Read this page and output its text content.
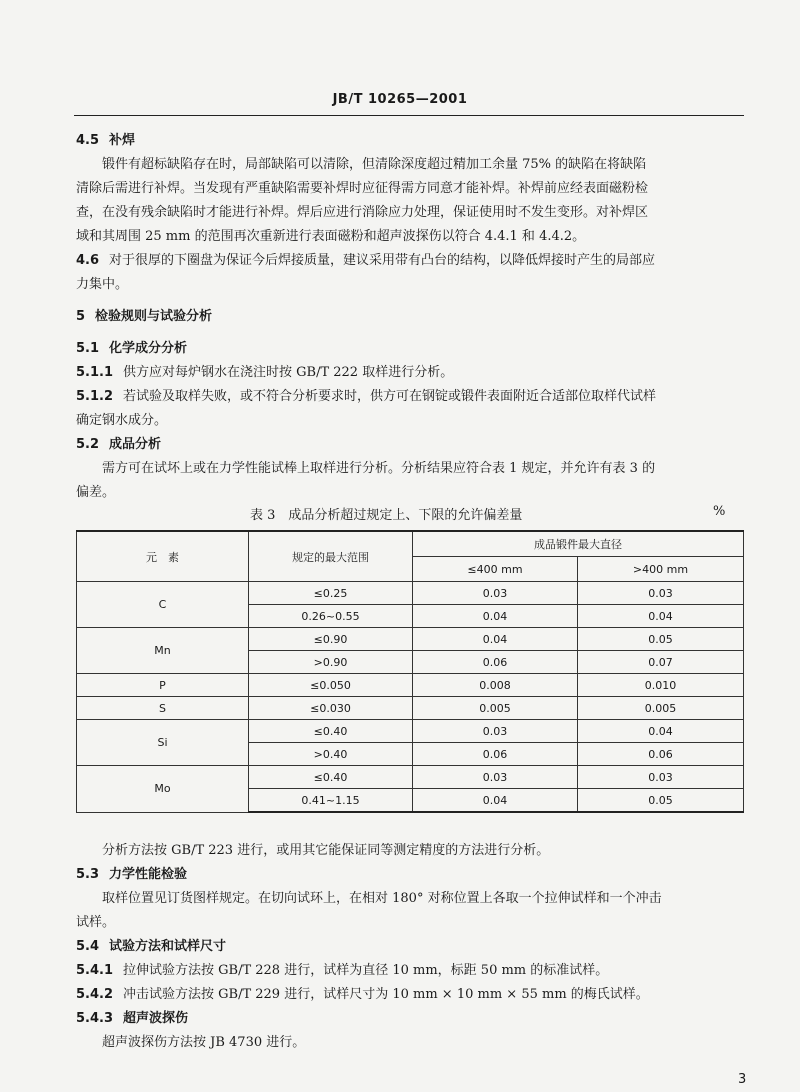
JB/T 10265—2001
4.5 补焊
锻件有超标缺陷存在时，局部缺陷可以清除，但清除深度超过精加工余量 75% 的缺陷在将缺陷
清除后需进行补焊。当发现有严重缺陷需要补焊时应征得需方同意才能补焊。补焊前应经表面磁粉检
查，在没有残余缺陷时才能进行补焊。焊后应进行消除应力处理，保证使用时不发生变形。对补焊区
域和其周围 25 mm 的范围再次重新进行表面磁粉和超声波探伤以符合 4.4.1 和 4.4.2。
4.6 对于很厚的下圈盘为保证今后焊接质量，建议采用带有凸台的结构，以降低焊接时产生的局部应
力集中。
5 检验规则与试验分析
5.1 化学成分分析
5.1.1 供方应对每炉钢水在浇注时按 GB/T 222 取样进行分析。
5.1.2 若试验及取样失败，或不符合分析要求时，供方可在钢锭或锻件表面附近合适部位取样代试样
确定钢水成分。
5.2 成品分析
需方可在试坏上或在力学性能试棒上取样进行分析。分析结果应符合表 1 规定，并允许有表 3 的
偏差。
表 3　成品分析超过规定上、下限的允许偏差量	%
元　素	规定的最大范围	成品锻件最大直径	
		≤400 mm	>400 mm
C	≤0.25	0.03	0.03
	0.26~0.55	0.04	0.04
Mn	≤0.90	0.04	0.05
	>0.90	0.06	0.07
P	≤0.050	0.008	0.010
S	≤0.030	0.005	0.005
Si	≤0.40	0.03	0.04
	>0.40	0.06	0.06
Mo	≤0.40	0.03	0.03
	0.41~1.15	0.04	0.05
分析方法按 GB/T 223 进行，或用其它能保证同等测定精度的方法进行分析。
5.3 力学性能检验
取样位置见订货图样规定。在切向试环上，在相对 180° 对称位置上各取一个拉伸试样和一个冲击
试样。
5.4 试验方法和试样尺寸
5.4.1 拉伸试验方法按 GB/T 228 进行，试样为直径 10 mm，标距 50 mm 的标准试样。
5.4.2 冲击试验方法按 GB/T 229 进行，试样尺寸为 10 mm × 10 mm × 55 mm 的梅氏试样。
5.4.3 超声波探伤
超声波探伤方法按 JB 4730 进行。
3
